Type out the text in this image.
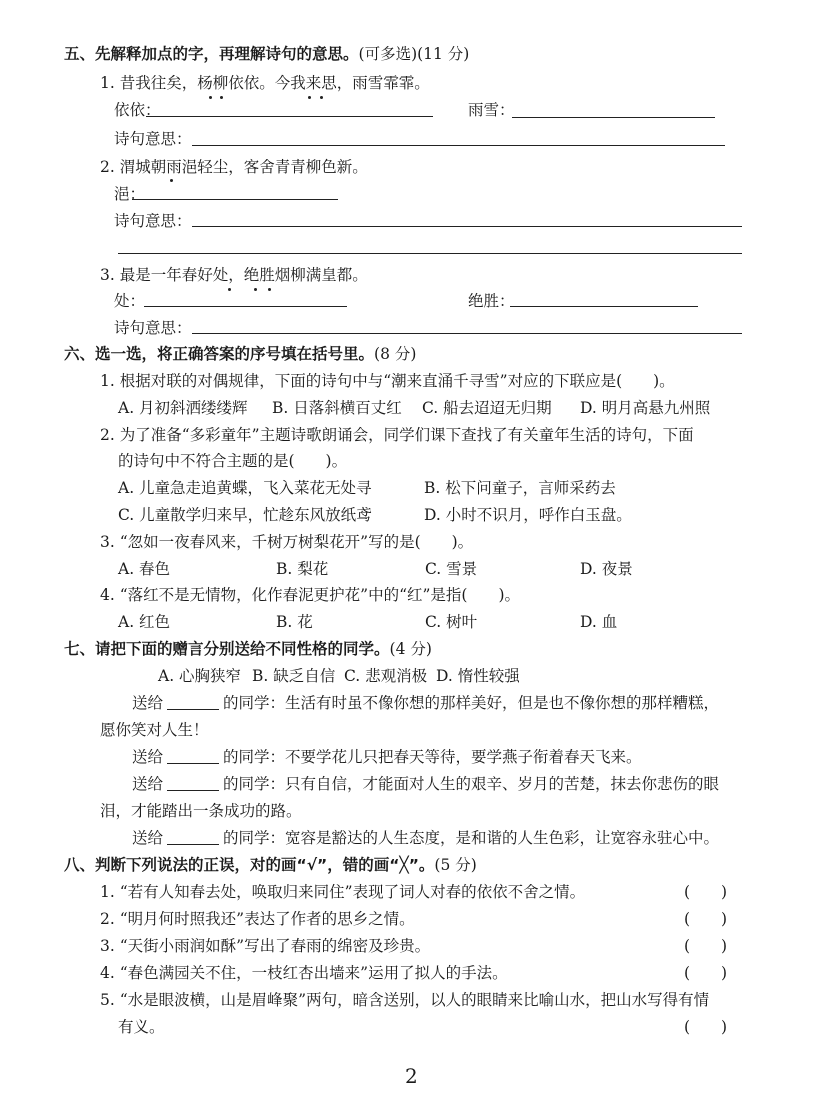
五、先解释加点的字，再理解诗句的意思。(可多选)(11 分)
1. 昔我往矣，杨柳依依。今我来思，雨雪霏霏。
依依：	雨雪：
诗句意思：
2. 渭城朝雨浥轻尘，客舍青青柳色新。
浥：
诗句意思：
3. 最是一年春好处，绝胜烟柳满皇都。
处：	绝胜：
诗句意思：
六、选一选，将正确答案的序号填在括号里。(8 分)
1. 根据对联的对偶规律，下面的诗句中与“潮来直涌千寻雪”对应的下联应是(　　)。
A. 月初斜洒缕缕辉 B. 日落斜横百丈红 C. 船去迢迢无归期 D. 明月高悬九州照
2. 为了准备“多彩童年”主题诗歌朗诵会，同学们课下查找了有关童年生活的诗句，下面
的诗句中不符合主题的是(　　)。
A. 儿童急走追黄蝶，飞入菜花无处寻	B. 松下问童子，言师采药去
C. 儿童散学归来早，忙趁东风放纸鸢	D. 小时不识月，呼作白玉盘。
3. “忽如一夜春风来，千树万树梨花开”写的是(　　)。
A. 春色	B. 梨花	C. 雪景	D. 夜景
4. “落红不是无情物，化作春泥更护花”中的“红”是指(　　)。
A. 红色	B. 花	C. 树叶	D. 血
七、请把下面的赠言分别送给不同性格的同学。(4 分)
A. 心胸狭窄 B. 缺乏自信 C. 悲观消极 D. 惰性较强
送给	的同学：生活有时虽不像你想的那样美好，但是也不像你想的那样糟糕，
愿你笑对人生！
送给	的同学：不要学花儿只把春天等待，要学燕子衔着春天飞来。
送给	的同学：只有自信，才能面对人生的艰辛、岁月的苦楚，抹去你悲伤的眼
泪，才能踏出一条成功的路。
送给	的同学：宽容是豁达的人生态度，是和谐的人生色彩，让宽容永驻心中。
八、判断下列说法的正误，对的画“√”，错的画“╳”。(5 分)
1. “若有人知春去处，唤取归来同住”表现了词人对春的依依不舍之情。	(　　)
2. “明月何时照我还”表达了作者的思乡之情。	(　　)
3. “天街小雨润如酥”写出了春雨的绵密及珍贵。	(　　)
4. “春色满园关不住，一枝红杏出墙来”运用了拟人的手法。	(　　)
5. “水是眼波横，山是眉峰聚”两句，暗含送别，以人的眼睛来比喻山水，把山水写得有情
有义。	(　　)
2
